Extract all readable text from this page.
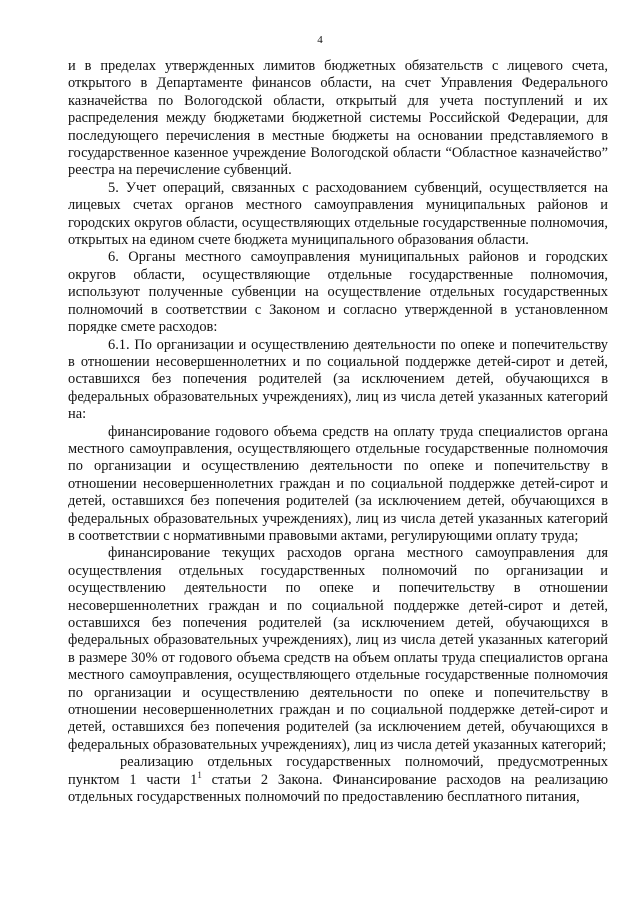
4

и в пределах утвержденных лимитов бюджетных обязательств с лицевого счета, открытого в Департаменте финансов области, на счет Управления Федерального казначейства по Вологодской области, открытый для учета поступлений и их распределения между бюджетами бюджетной системы Российской Федерации, для последующего перечисления в местные бюджеты на основании представляемого в государственное казенное учреждение Вологодской области “Областное казначейство” реестра на перечисление субвенций.

5. Учет операций, связанных с расходованием субвенций, осуществляется на лицевых счетах органов местного самоуправления муниципальных районов и городских округов области, осуществляющих отдельные государственные полномочия, открытых на едином счете бюджета муниципального образования области.

6. Органы местного самоуправления муниципальных районов и городских округов области, осуществляющие отдельные государственные полномочия, используют полученные субвенции на осуществление отдельных государственных полномочий в соответствии с Законом и согласно утвержденной в установленном порядке смете расходов:

6.1. По организации и осуществлению деятельности по опеке и попечительству в отношении несовершеннолетних и по социальной поддержке детей-сирот и детей, оставшихся без попечения родителей (за исключением детей, обучающихся в федеральных образовательных учреждениях), лиц из числа детей указанных категорий на:

финансирование годового объема средств на оплату труда специалистов органа местного самоуправления, осуществляющего отдельные государственные полномочия по организации и осуществлению деятельности по опеке и попечительству в отношении несовершеннолетних граждан и по социальной поддержке детей-сирот и детей, оставшихся без попечения родителей (за исключением детей, обучающихся в федеральных образовательных учреждениях), лиц из числа детей указанных категорий в соответствии с нормативными правовыми актами, регулирующими оплату труда;

финансирование текущих расходов органа местного самоуправления для осуществления отдельных государственных полномочий по организации и осуществлению деятельности по опеке и попечительству в отношении несовершеннолетних граждан и по социальной поддержке детей-сирот и детей, оставшихся без попечения родителей (за исключением детей, обучающихся в федеральных образовательных учреждениях), лиц из числа детей указанных категорий в размере 30% от годового объема средств на объем оплаты труда специалистов органа местного самоуправления, осуществляющего отдельные государственные полномочия по организации и осуществлению деятельности по опеке и попечительству в отношении несовершеннолетних граждан и по социальной поддержке детей-сирот и детей, оставшихся без попечения родителей (за исключением детей, обучающихся в федеральных образовательных учреждениях), лиц из числа детей указанных категорий;

реализацию отдельных государственных полномочий, предусмотренных пунктом 1 части $1^1$ статьи 2 Закона. Финансирование расходов на реализацию отдельных государственных полномочий по предоставлению бесплатного питания,
